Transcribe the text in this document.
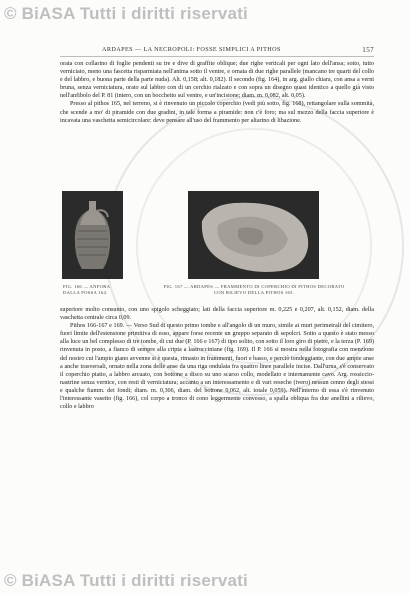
© BiASA Tutti i diritti riservati
ARDAPES — LA NECROPOLI: FOSSE SIMPLICI A PITHOS	157

orata con collarino di foglie pendenti su tre e dive di graffite oblique; due righe verticali per ogni lato dell'ansa; sotto, tutto verniciato, meno una fascetta risparmiata nell'anima sotto il ventre, e ornata di due righe parallele (mancano tre quarti del collo e del labbro, e buona parte della parte nuda). Alt. 0,158; alt. 0,182). Il secondo (fig. 164), in arg. giallo chiara, con ansa a verni bruna, senza verniciatura, orato sul labbro con di un cerchio rialzato e con sopra un disegno quasi identico a quello già visto nell'anfibolo del P. 81 (intero, con un bocchetto sul ventre, e un'incisione; diam. m. 0,082, alt. 0,05).

Presso al pithos 165, nel terreno, si è rinvenuto un piccolo coperchio (vedi più sotto, fig. 168), rettangolare sulla sommità, che scende a mo' di piramide con due gradini, in tale forma a piramide: non c'è foro; ma sul mezzo della faccia superiore è incavata una vaschetta semicircolare: deve pensare all'uso del frammento per altarino di libazione.

FIG. 166 — ANFORA DALLA FOSSA 164.
FIG. 167 — ARDAPES — FRAMMENTO DI COPERCHIO DI PITHOS DECORATO CON RILIEVO DELLA PITHOS 165.

superiore molto consunto, con uno spigolo scheggiato; lati della faccia superiore m. 0,225 e 0,207, alt. 0,152, diam. della vaschetta centrale circa 0,09.

Pithos 166-167 e 169. — Verso Sud di questo primo tombe e all'angolo di un muro, simile ai muri perimetrali del cimitero, fuori limite dell'estensione primitiva di esso, appare forse recente un gruppo separato di sepolcri. Sotto a questo è stato messo alla luce un bel complesso di tre tombe, di cui due (P. 166 e 167) di tipo solito, con sotto il loro giro di pietre, e la terza (P. 169) rinvenuta in posto, a fianco di sempre alla cripta a lastrocciniane (fig. 169). Il P. 166 si mostra nella fotografia con menzione del nostro cui l'ampio giano avvenne si è questa, rimasto in frammenti, fuori e basso, e perciò tondeggiante, con due ampie anse a anche trasversali, ornato nella zona delle anse da una riga ondulata fra quattro linee parallele incise. Dall'urna, s'è conservato il coperchio piatto, a labbro arcuato, con bottone a disco su uno scarso collo, modellato e internamente cavo. Arg. rossiccio-nastrine senza vernice, con resti di verniciatura; accanto a un interessamento e di vari reseche (ivero) nessun cenno degli stessi e qualche fiamm. dei fondi; diam. m. 0,306, diam. del bottone 0,062, alt. totale 0,059). Nell'interno di essa s'è rinvenuto l'interessante vasetto (fig. 166), col corpo a tronco di cono leggermente convesso, a spalla obliqua fra due anellini a rilievo, collo e labbro

© BiASA Tutti i diritti riservati
